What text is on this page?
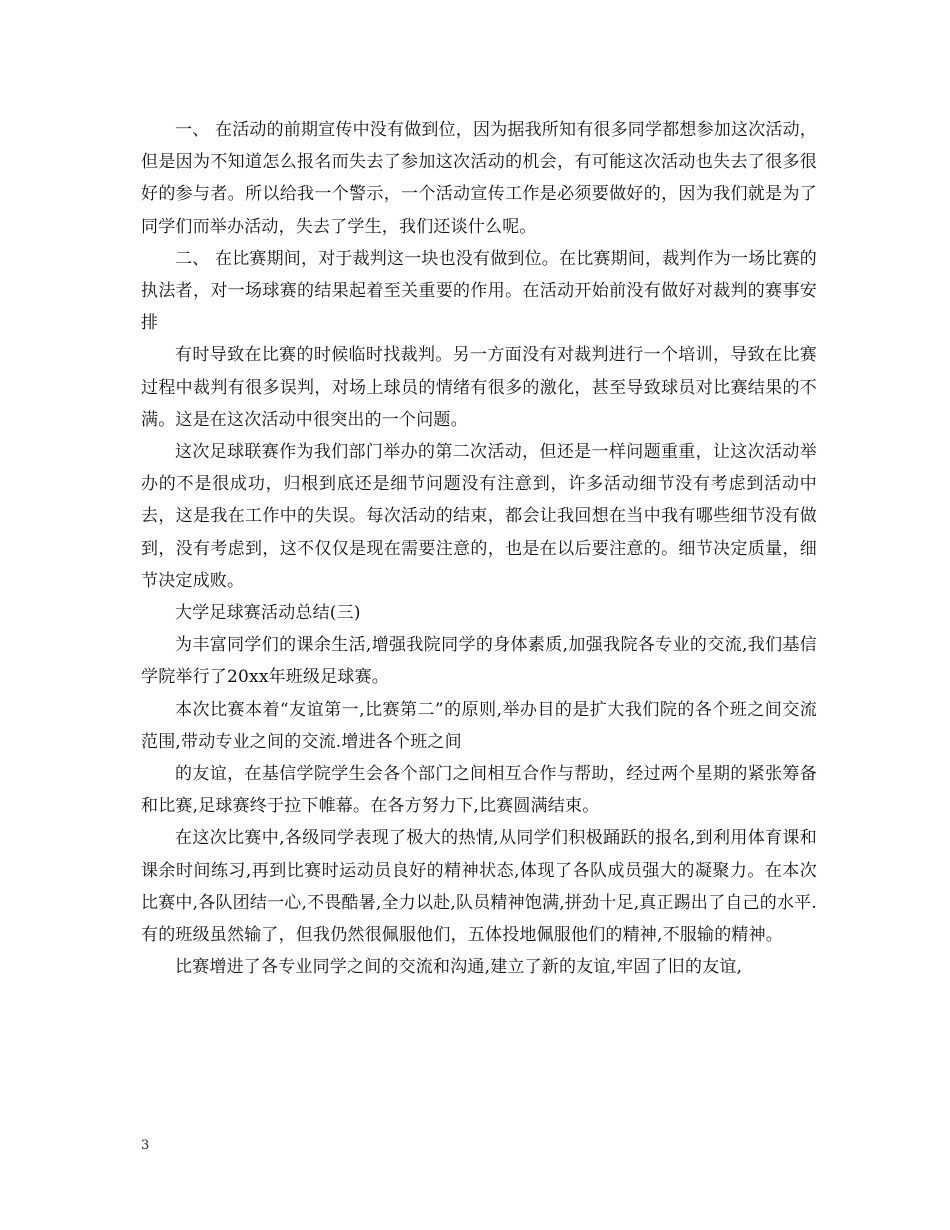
一、 在活动的前期宣传中没有做到位，因为据我所知有很多同学都想参加这次活动，但是因为不知道怎么报名而失去了参加这次活动的机会，有可能这次活动也失去了很多很好的参与者。所以给我一个警示，一个活动宣传工作是必须要做好的，因为我们就是为了同学们而举办活动，失去了学生，我们还谈什么呢。

二、 在比赛期间，对于裁判这一块也没有做到位。在比赛期间，裁判作为一场比赛的执法者，对一场球赛的结果起着至关重要的作用。在活动开始前没有做好对裁判的赛事安排

有时导致在比赛的时候临时找裁判。另一方面没有对裁判进行一个培训，导致在比赛过程中裁判有很多误判，对场上球员的情绪有很多的激化，甚至导致球员对比赛结果的不满。这是在这次活动中很突出的一个问题。

这次足球联赛作为我们部门举办的第二次活动，但还是一样问题重重，让这次活动举办的不是很成功，归根到底还是细节问题没有注意到，许多活动细节没有考虑到活动中去，这是我在工作中的失误。每次活动的结束，都会让我回想在当中我有哪些细节没有做到，没有考虑到，这不仅仅是现在需要注意的，也是在以后要注意的。细节决定质量，细节决定成败。

大学足球赛活动总结(三)

为丰富同学们的课余生活,增强我院同学的身体素质,加强我院各专业的交流,我们基信学院举行了20xx年班级足球赛。

本次比赛本着“友谊第一,比赛第二”的原则,举办目的是扩大我们院的各个班之间交流范围,带动专业之间的交流.增进各个班之间

的友谊，在基信学院学生会各个部门之间相互合作与帮助，经过两个星期的紧张筹备和比赛,足球赛终于拉下帷幕。在各方努力下,比赛圆满结束。

在这次比赛中,各级同学表现了极大的热情,从同学们积极踊跃的报名,到利用体育课和课余时间练习,再到比赛时运动员良好的精神状态,体现了各队成员强大的凝聚力。在本次比赛中,各队团结一心,不畏酷暑,全力以赴,队员精神饱满,拼劲十足,真正踢出了自己的水平.有的班级虽然输了，但我仍然很佩服他们，五体投地佩服他们的精神,不服输的精神。

比赛增进了各专业同学之间的交流和沟通,建立了新的友谊,牢固了旧的友谊,

3
